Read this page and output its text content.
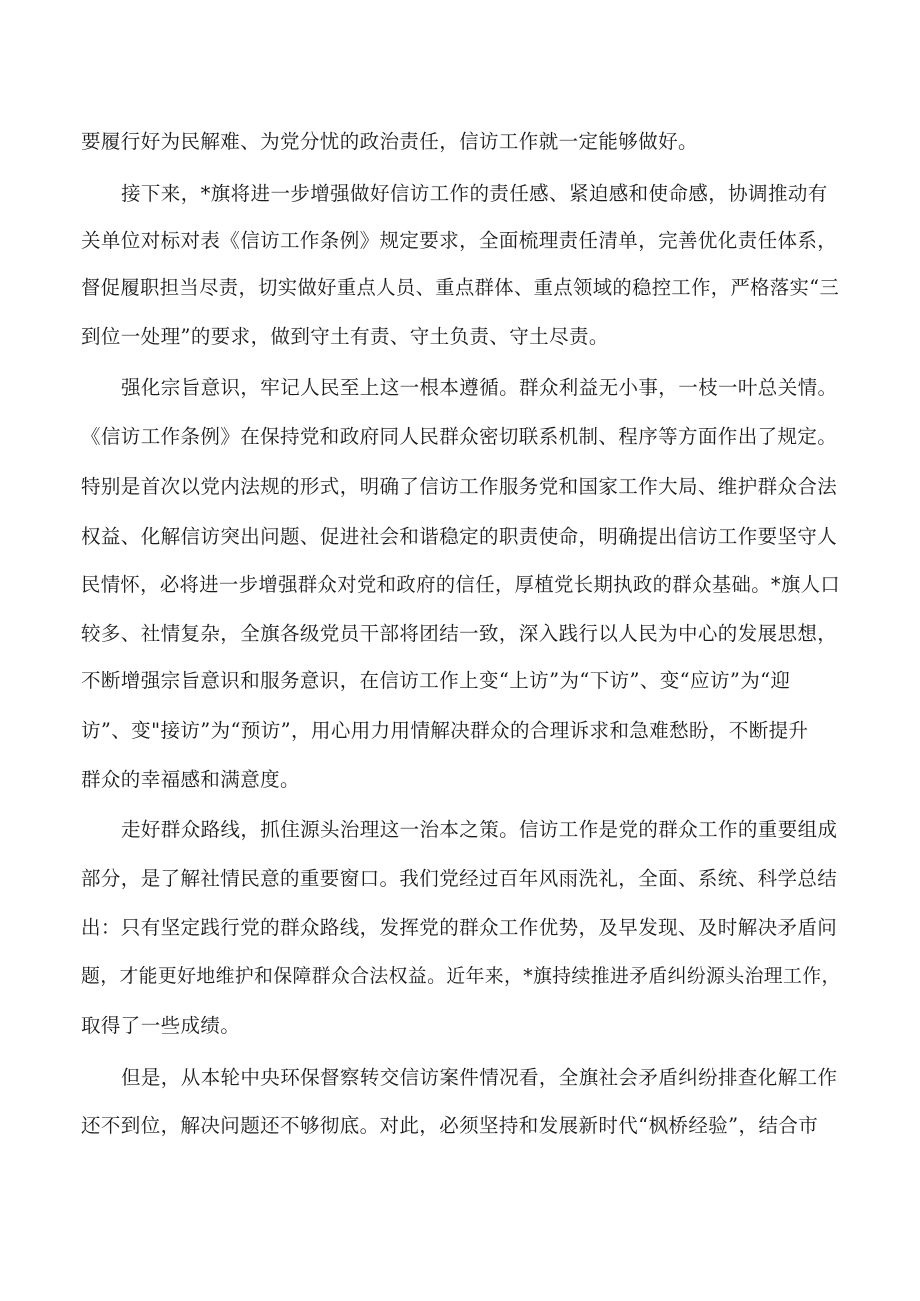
要履行好为民解难、为党分忧的政治责任，信访工作就一定能够做好。
接下来，*旗将进一步增强做好信访工作的责任感、紧迫感和使命感，协调推动有
关单位对标对表《信访工作条例》规定要求，全面梳理责任清单，完善优化责任体系，
督促履职担当尽责，切实做好重点人员、重点群体、重点领域的稳控工作，严格落实“三
到位一处理”的要求，做到守土有责、守土负责、守土尽责。
强化宗旨意识，牢记人民至上这一根本遵循。群众利益无小事，一枝一叶总关情。
《信访工作条例》在保持党和政府同人民群众密切联系机制、程序等方面作出了规定。
特别是首次以党内法规的形式，明确了信访工作服务党和国家工作大局、维护群众合法
权益、化解信访突出问题、促进社会和谐稳定的职责使命，明确提出信访工作要坚守人
民情怀，必将进一步增强群众对党和政府的信任，厚植党长期执政的群众基础。*旗人口
较多、社情复杂，全旗各级党员干部将团结一致，深入践行以人民为中心的发展思想，
不断增强宗旨意识和服务意识，在信访工作上变“上访”为“下访”、变“应访”为“迎
访”、变"接访”为“预访”，用心用力用情解决群众的合理诉求和急难愁盼，不断提升
群众的幸福感和满意度。
走好群众路线，抓住源头治理这一治本之策。信访工作是党的群众工作的重要组成
部分，是了解社情民意的重要窗口。我们党经过百年风雨洗礼，全面、系统、科学总结
出：只有坚定践行党的群众路线，发挥党的群众工作优势，及早发现、及时解决矛盾问
题，才能更好地维护和保障群众合法权益。近年来，*旗持续推进矛盾纠纷源头治理工作，
取得了一些成绩。
但是，从本轮中央环保督察转交信访案件情况看，全旗社会矛盾纠纷排查化解工作
还不到位，解决问题还不够彻底。对此，必须坚持和发展新时代“枫桥经验”，结合市
